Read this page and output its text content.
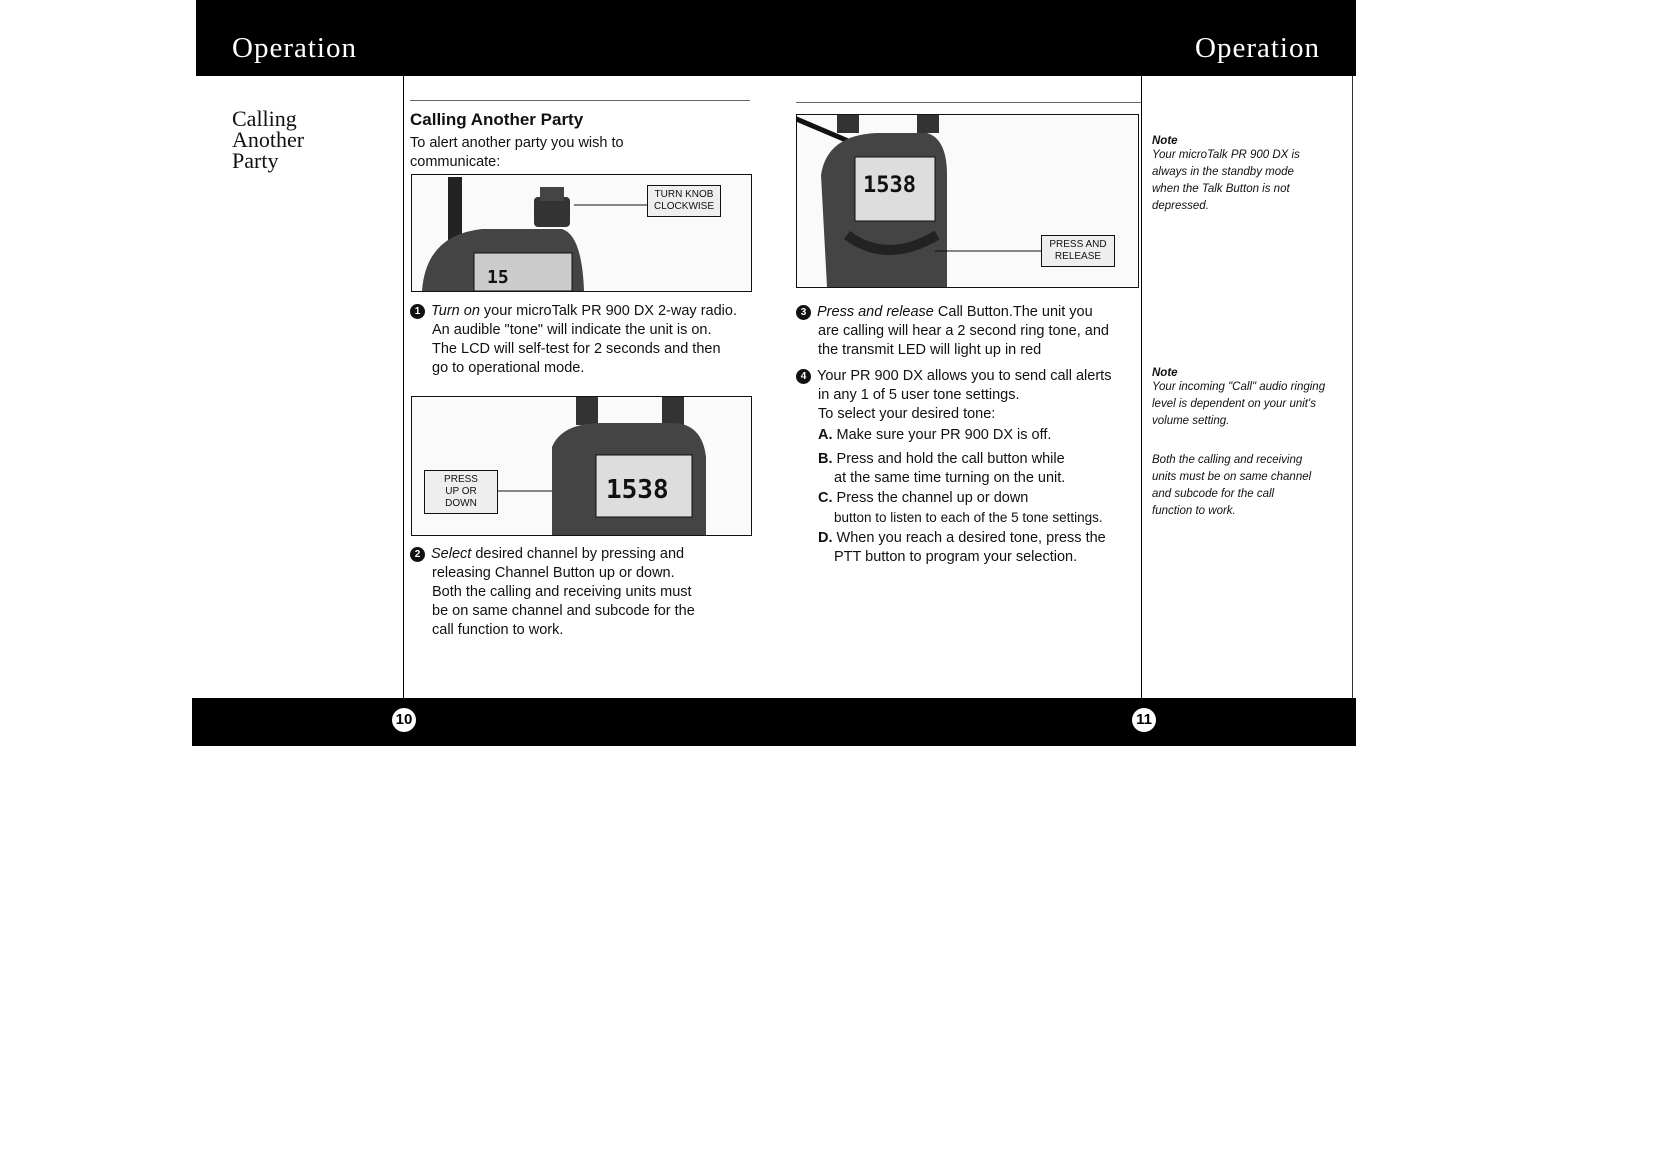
Operation	Operation
Calling
Another
Party
Calling Another Party
To alert another party you wish to
communicate:
15
TURN KNOB
CLOCKWISE
1 Turn on your microTalk PR 900 DX 2-way radio.
An audible "tone" will indicate the unit is on.
The LCD will self-test for 2 seconds and then
go to operational mode.
1538
PRESS
UP OR DOWN
2 Select desired channel by pressing and
releasing Channel Button up or down.
Both the calling and receiving units must
be on same channel and subcode for the
call function to work.
1538
PRESS AND
RELEASE
3 Press and release Call Button.The unit you
are calling will hear a 2 second ring tone, and
the transmit LED will light up in red
4 Your PR 900 DX allows you to send call alerts
in any 1 of 5 user tone settings.
To select your desired tone:
A. Make sure your PR 900 DX is off.
B. Press and hold the call button while
at the same time turning on the unit.
C. Press the channel up or down
button to listen to each of the 5 tone settings.
D. When you reach a desired tone, press the
PTT button to program your selection.
Note
Your microTalk PR 900 DX is
always in the standby mode
when the Talk Button is not
depressed.
Note
Your incoming "Call" audio ringing
level is dependent on your unit's
volume setting.
Both the calling and receiving
units must be on same channel
and subcode for the call
function to work.
10	11
